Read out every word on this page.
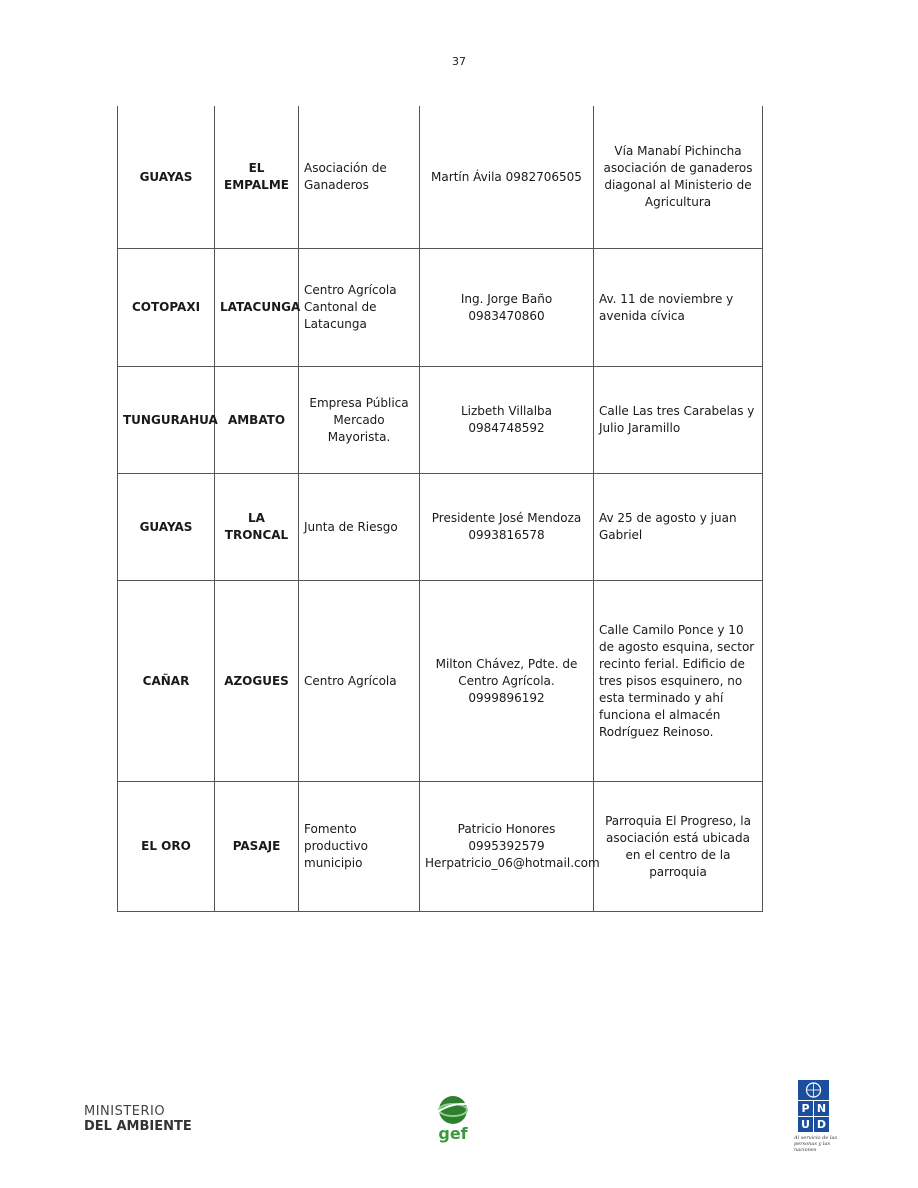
37
GUAYAS	EL EMPALME	Asociación de Ganaderos	Martín Ávila 0982706505	Vía Manabí Pichincha asociación de ganaderos diagonal al Ministerio de Agricultura
COTOPAXI	LATACUNGA	Centro Agrícola Cantonal de Latacunga	Ing. Jorge Baño 0983470860	Av. 11 de noviembre y avenida cívica
TUNGURAHUA	AMBATO	Empresa Pública Mercado Mayorista.	Lizbeth Villalba 0984748592	Calle Las tres Carabelas y Julio Jaramillo
GUAYAS	LA TRONCAL	Junta de Riesgo	Presidente José Mendoza 0993816578	Av 25 de agosto y juan Gabriel
CAÑAR	AZOGUES	Centro Agrícola	Milton Chávez, Pdte. de Centro Agrícola. 0999896192	Calle Camilo Ponce y 10 de agosto esquina, sector recinto ferial. Edificio de tres pisos esquinero, no esta terminado y ahí funciona el almacén Rodríguez Reinoso.
EL ORO	PASAJE	Fomento productivo municipio	Patricio Honores 0995392579 Herpatricio_06@hotmail.com	Parroquia El Progreso, la asociación está ubicada en el centro de la parroquia
MINISTERIO
DEL AMBIENTE	gef
P N
U D
Al servicio de las personas y las naciones
